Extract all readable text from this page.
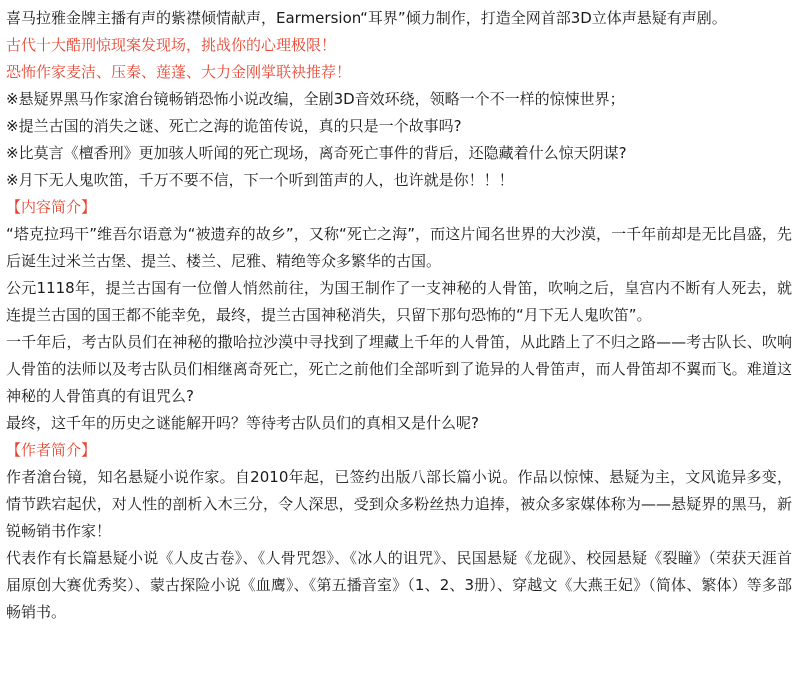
喜马拉雅金牌主播有声的紫襟倾情献声，Earmersion“耳界”倾力制作，打造全网首部3D立体声悬疑有声剧。

古代十大酷刑惊现案发现场，挑战你的心理极限！

恐怖作家麦洁、压秦、莲蓬、大力金刚掌联袂推荐！

※悬疑界黑马作家滄台镜畅销恐怖小说改编，全剧3D音效环绕，领略一个不一样的惊悚世界；

※提兰古国的消失之谜、死亡之海的诡笛传说，真的只是一个故事吗?

※比莫言《檀香刑》更加骇人听闻的死亡现场，离奇死亡事件的背后，还隐藏着什么惊天阴谋?

※月下无人鬼吹笛，千万不要不信，下一个听到笛声的人，也许就是你！！！

【内容简介】

“塔克拉玛干”维吾尔语意为“被遗弃的故乡”，又称“死亡之海”，而这片闻名世界的大沙漠，一千年前却是无比昌盛，先后诞生过米兰古堡、提兰、楼兰、尼雅、精绝等众多繁华的古国。

公元1118年，提兰古国有一位僧人悄然前往，为国王制作了一支神秘的人骨笛，吹响之后，皇宫内不断有人死去，就连提兰古国的国王都不能幸免，最终，提兰古国神秘消失，只留下那句恐怖的“月下无人鬼吹笛”。

一千年后，考古队员们在神秘的撒哈拉沙漠中寻找到了埋藏上千年的人骨笛，从此踏上了不归之路——考古队长、吹响人骨笛的法师以及考古队员们相继离奇死亡，死亡之前他们全部听到了诡异的人骨笛声，而人骨笛却不翼而飞。难道这神秘的人骨笛真的有诅咒么?

最终，这千年的历史之谜能解开吗？等待考古队员们的真相又是什么呢?

【作者简介】

作者滄台镜，知名悬疑小说作家。自2010年起，已签约出版八部长篇小说。作品以惊悚、悬疑为主，文风诡异多变，情节跌宕起伏，对人性的剖析入木三分，令人深思，受到众多粉丝热力追捧，被众多家媒体称为——悬疑界的黑马，新锐畅销书作家！

代表作有长篇悬疑小说《人皮古卷》、《人骨咒怨》、《冰人的诅咒》、民国悬疑《龙砚》、校园悬疑《裂瞳》（荣获天涯首届原创大赛优秀奖）、蒙古探险小说《血鹰》、《第五播音室》（1、2、3册）、穿越文《大燕王妃》（简体、繁体）等多部畅销书。
